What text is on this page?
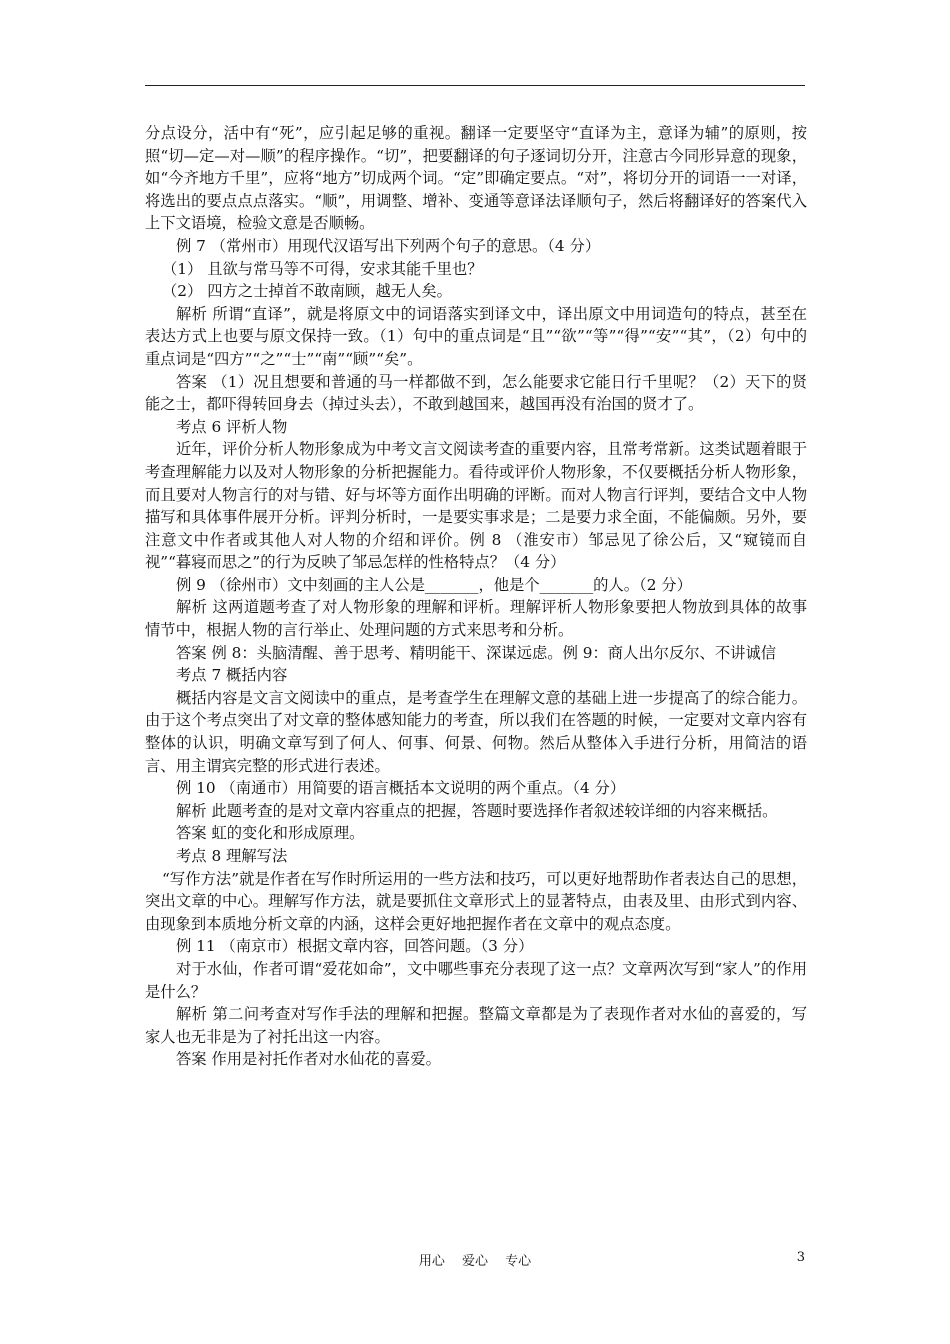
分点设分，活中有“死”，应引起足够的重视。翻译一定要坚守“直译为主，意译为辅”的原则，按照“切—定—对—顺”的程序操作。“切”，把要翻译的句子逐词切分开，注意古今同形异意的现象，如“今齐地方千里”，应将“地方”切成两个词。“定”即确定要点。“对”，将切分开的词语一一对译，将选出的要点点点落实。“顺”，用调整、增补、变通等意译法译顺句子，然后将翻译好的答案代入上下文语境，检验文意是否顺畅。

例 7 （常州市）用现代汉语写出下列两个句子的意思。（4 分）

（1） 且欲与常马等不可得，安求其能千里也？

（2） 四方之士掉首不敢南顾，越无人矣。

解析 所谓“直译”，就是将原文中的词语落实到译文中，译出原文中用词造句的特点，甚至在表达方式上也要与原文保持一致。（1）句中的重点词是“且”“欲”“等”“得”“安”“其”，（2）句中的重点词是“四方”“之”“士”“南”“顾”“矣”。

答案 （1）况且想要和普通的马一样都做不到，怎么能要求它能日行千里呢？（2）天下的贤能之士，都吓得转回身去（掉过头去），不敢到越国来，越国再没有治国的贤才了。

考点 6 评析人物

近年，评价分析人物形象成为中考文言文阅读考查的重要内容，且常考常新。这类试题着眼于考查理解能力以及对人物形象的分析把握能力。看待或评价人物形象，不仅要概括分析人物形象，而且要对人物言行的对与错、好与坏等方面作出明确的评断。而对人物言行评判，要结合文中人物描写和具体事件展开分析。评判分析时，一是要实事求是；二是要力求全面，不能偏颇。另外，要注意文中作者或其他人对人物的介绍和评价。例 8 （淮安市）邹忌见了徐公后，又“窥镜而自视”“暮寝而思之”的行为反映了邹忌怎样的性格特点？（4 分）

例 9 （徐州市）文中刻画的主人公是_______，他是个_______的人。（2 分）

解析 这两道题考查了对人物形象的理解和评析。理解评析人物形象要把人物放到具体的故事情节中，根据人物的言行举止、处理问题的方式来思考和分析。

答案 例 8：头脑清醒、善于思考、精明能干、深谋远虑。例 9：商人出尔反尔、不讲诚信

考点 7 概括内容

概括内容是文言文阅读中的重点，是考查学生在理解文意的基础上进一步提高了的综合能力。由于这个考点突出了对文章的整体感知能力的考查，所以我们在答题的时候，一定要对文章内容有整体的认识，明确文章写到了何人、何事、何景、何物。然后从整体入手进行分析，用简洁的语言、用主谓宾完整的形式进行表述。

例 10 （南通市）用简要的语言概括本文说明的两个重点。（4 分）

解析 此题考查的是对文章内容重点的把握，答题时要选择作者叙述较详细的内容来概括。

答案 虹的变化和形成原理。

考点 8 理解写法

“写作方法”就是作者在写作时所运用的一些方法和技巧，可以更好地帮助作者表达自己的思想，突出文章的中心。理解写作方法，就是要抓住文章形式上的显著特点，由表及里、由形式到内容、由现象到本质地分析文章的内涵，这样会更好地把握作者在文章中的观点态度。

例 11 （南京市）根据文章内容，回答问题。（3 分）

对于水仙，作者可谓“爱花如命”，文中哪些事充分表现了这一点？文章两次写到“家人”的作用是什么？

解析 第二问考查对写作手法的理解和把握。整篇文章都是为了表现作者对水仙的喜爱的，写家人也无非是为了衬托出这一内容。

答案 作用是衬托作者对水仙花的喜爱。

用心　 爱心　 专心	3
